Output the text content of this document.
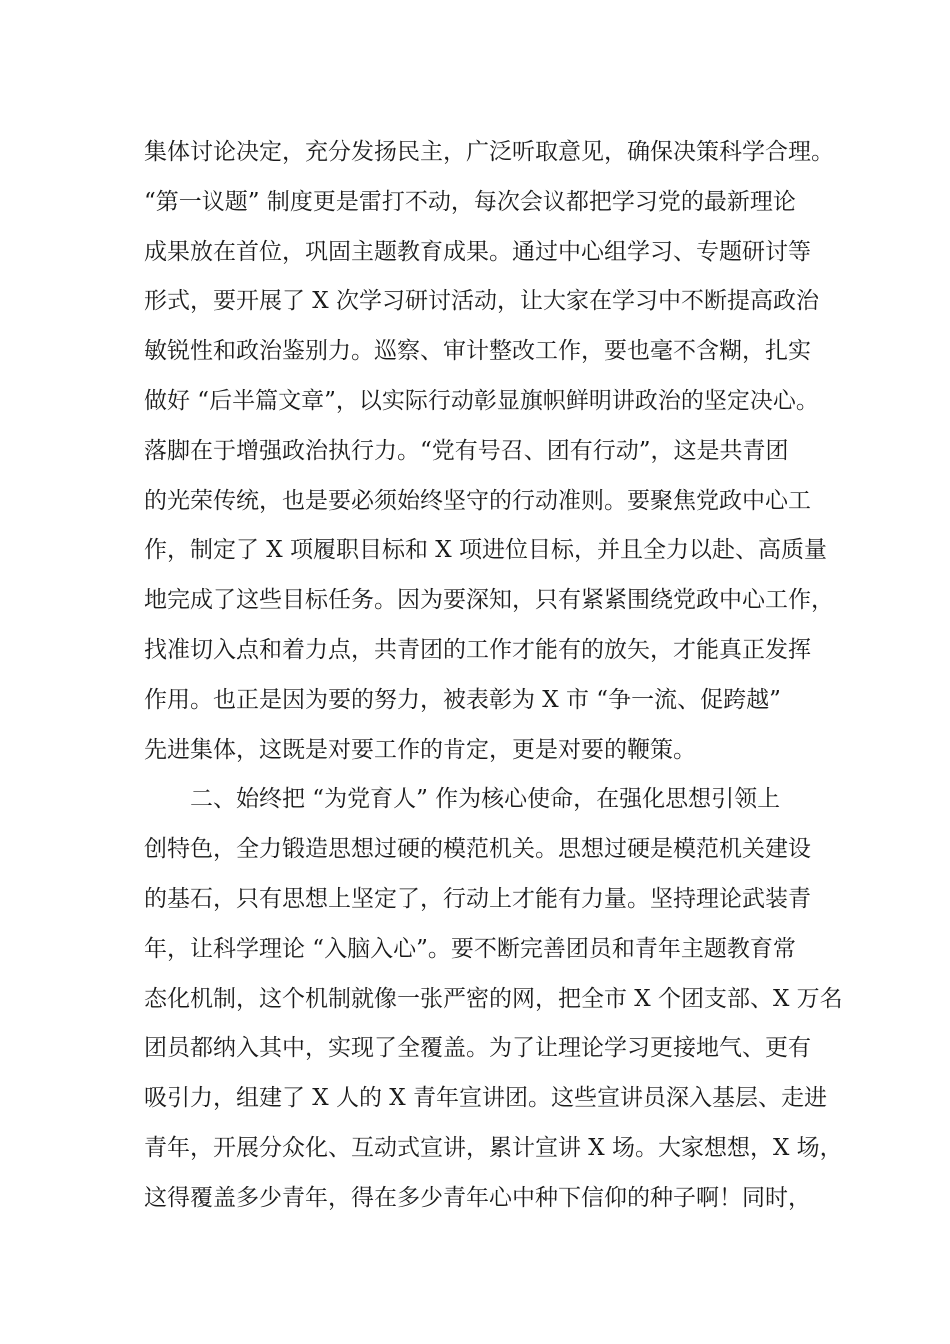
集体讨论决定，充分发扬民主，广泛听取意见，确保决策科学合理。
“第一议题” 制度更是雷打不动，每次会议都把学习党的最新理论
成果放在首位，巩固主题教育成果。通过中心组学习、专题研讨等
形式，要开展了 X 次学习研讨活动，让大家在学习中不断提高政治
敏锐性和政治鉴别力。巡察、审计整改工作，要也毫不含糊，扎实
做好 “后半篇文章”，以实际行动彰显旗帜鲜明讲政治的坚定决心。
落脚在于增强政治执行力。“党有号召、团有行动”，这是共青团
的光荣传统，也是要必须始终坚守的行动准则。要聚焦党政中心工
作，制定了 X 项履职目标和 X 项进位目标，并且全力以赴、高质量
地完成了这些目标任务。因为要深知，只有紧紧围绕党政中心工作，
找准切入点和着力点，共青团的工作才能有的放矢，才能真正发挥
作用。也正是因为要的努力，被表彰为 X 市 “争一流、促跨越”
先进集体，这既是对要工作的肯定，更是对要的鞭策。
二、始终把 “为党育人” 作为核心使命，在强化思想引领上
创特色，全力锻造思想过硬的模范机关。思想过硬是模范机关建设
的基石，只有思想上坚定了，行动上才能有力量。坚持理论武装青
年，让科学理论 “入脑入心”。要不断完善团员和青年主题教育常
态化机制，这个机制就像一张严密的网，把全市 X 个团支部、X 万名
团员都纳入其中，实现了全覆盖。为了让理论学习更接地气、更有
吸引力，组建了 X 人的 X 青年宣讲团。这些宣讲员深入基层、走进
青年，开展分众化、互动式宣讲，累计宣讲 X 场。大家想想，X 场，
这得覆盖多少青年，得在多少青年心中种下信仰的种子啊！同时，
